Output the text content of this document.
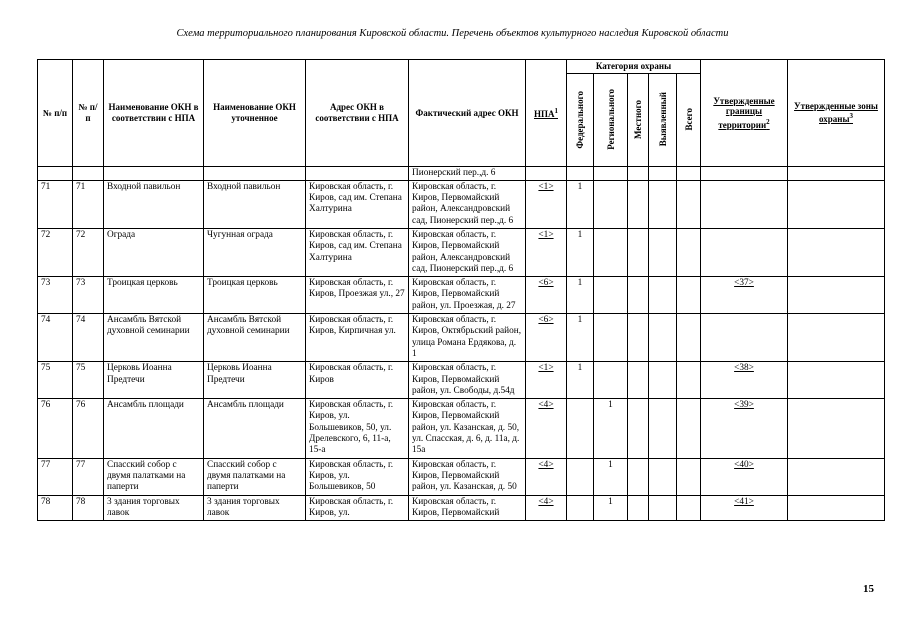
Схема территориального планирования Кировской области. Перечень объектов культурного наследия Кировской области
№ п/п	№ п/п	Наименование ОКН в соответствии с НПА	Наименование ОКН уточненное	Адрес ОКН в соответствии с НПА	Фактический адрес ОКН	НПА$^1$	Категория охраны					Утвержденные границы территории$^2$	Утвержденные зоны охраны$^3$

							Федерального	Регионального	Местного	Выявленный	Всего		

					Пионерский пер.,д. 6								
71	71	Входной павильон	Входной павильон	Кировская область, г. Киров, сад им. Степана Халтурина	Кировская область, г. Киров, Первомайский район, Александровский сад, Пионерский пер.,д. 6	<1>	1						
72	72	Ограда	Чугунная ограда	Кировская область, г. Киров, сад им. Степана Халтурина	Кировская область, г. Киров, Первомайский район, Александровский сад, Пионерский пер.,д. 6	<1>	1						
73	73	Троицкая церковь	Троицкая церковь	Кировская область, г. Киров, Проезжая ул., 27	Кировская область, г. Киров, Первомайский район, ул. Проезжая, д. 27	<6>	1					<37>	
74	74	Ансамбль Вятской духовной семинарии	Ансамбль Вятской духовной семинарии	Кировская область, г. Киров, Кирпичная ул.	Кировская область, г. Киров, Октябрьский район, улица Романа Ердякова, д. 1	<6>	1						
75	75	Церковь Иоанна Предтечи	Церковь Иоанна Предтечи	Кировская область, г. Киров	Кировская область, г. Киров, Первомайский район, ул. Свободы, д.54д	<1>	1					<38>	
76	76	Ансамбль площади	Ансамбль площади	Кировская область, г. Киров, ул. Большевиков, 50, ул. Дрелевского, 6, 11-а, 15-а	Кировская область, г. Киров, Первомайский район, ул. Казанская, д. 50, ул. Спасская, д. 6, д. 11а, д. 15а	<4>		1				<39>	
77	77	Спасский собор с двумя палатками на паперти	Спасский собор с двумя палатками на паперти	Кировская область, г. Киров, ул. Большевиков, 50	Кировская область, г. Киров, Первомайский район, ул. Казанская, д. 50	<4>		1				<40>	
78	78	3 здания торговых лавок	3 здания торговых лавок	Кировская область, г. Киров, ул.	Кировская область, г. Киров, Первомайский	<4>		1				<41>	
15
